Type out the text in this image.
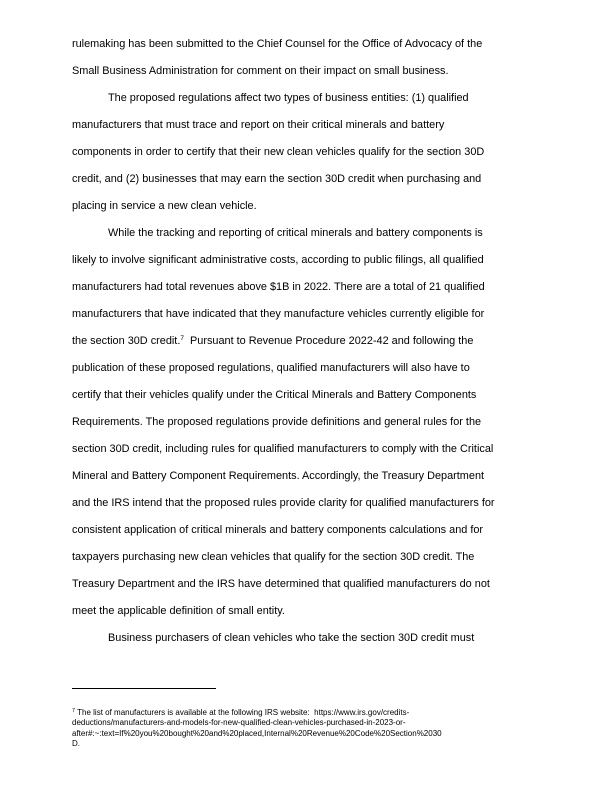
rulemaking has been submitted to the Chief Counsel for the Office of Advocacy of the
Small Business Administration for comment on their impact on small business.
The proposed regulations affect two types of business entities: (1) qualified
manufacturers that must trace and report on their critical minerals and battery
components in order to certify that their new clean vehicles qualify for the section 30D
credit, and (2) businesses that may earn the section 30D credit when purchasing and
placing in service a new clean vehicle.
While the tracking and reporting of critical minerals and battery components is
likely to involve significant administrative costs, according to public filings, all qualified
manufacturers had total revenues above $1B in 2022. There are a total of 21 qualified
manufacturers that have indicated that they manufacture vehicles currently eligible for
the section 30D credit.$^7$  Pursuant to Revenue Procedure 2022-42 and following the
publication of these proposed regulations, qualified manufacturers will also have to
certify that their vehicles qualify under the Critical Minerals and Battery Components
Requirements. The proposed regulations provide definitions and general rules for the
section 30D credit, including rules for qualified manufacturers to comply with the Critical
Mineral and Battery Component Requirements. Accordingly, the Treasury Department
and the IRS intend that the proposed rules provide clarity for qualified manufacturers for
consistent application of critical minerals and battery components calculations and for
taxpayers purchasing new clean vehicles that qualify for the section 30D credit. The
Treasury Department and the IRS have determined that qualified manufacturers do not
meet the applicable definition of small entity.
Business purchasers of clean vehicles who take the section 30D credit must
$^7$ The list of manufacturers is available at the following IRS website:  https://www.irs.gov/credits-
deductions/manufacturers-and-models-for-new-qualified-clean-vehicles-purchased-in-2023-or-
after#:~:text=If%20you%20bought%20and%20placed,Internal%20Revenue%20Code%20Section%2030
D.
